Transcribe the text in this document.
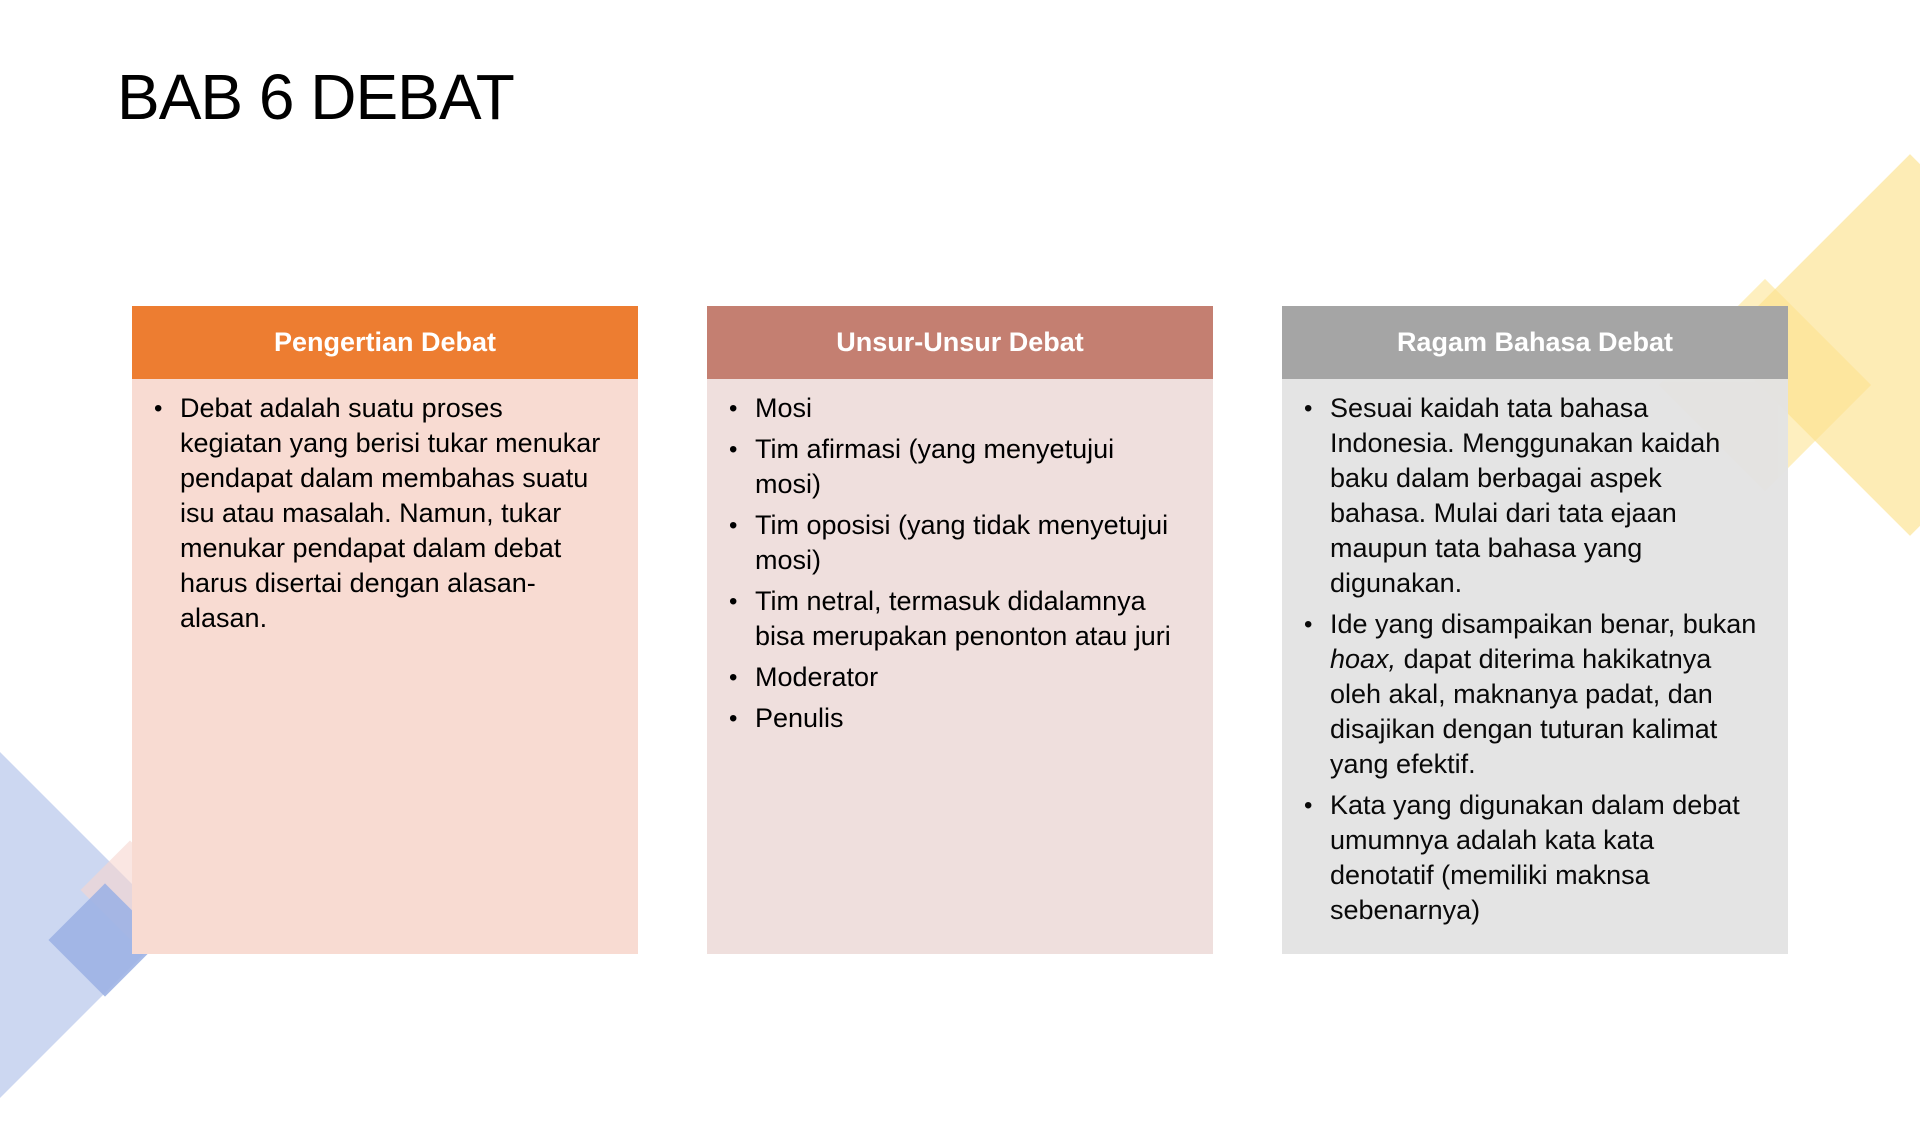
BAB 6 DEBAT
Pengertian Debat
• Debat adalah suatu proses kegiatan yang berisi tukar menukar pendapat dalam membahas suatu isu atau masalah. Namun, tukar menukar pendapat dalam debat harus disertai dengan alasan-alasan.
Unsur-Unsur Debat
• Mosi
• Tim afirmasi (yang menyetujui mosi)
• Tim oposisi (yang tidak menyetujui mosi)
• Tim netral, termasuk didalamnya bisa merupakan penonton atau juri
• Moderator
• Penulis
Ragam Bahasa Debat
• Sesuai kaidah tata bahasa Indonesia. Menggunakan kaidah baku dalam berbagai aspek bahasa. Mulai dari tata ejaan maupun tata bahasa yang digunakan.
• Ide yang disampaikan benar, bukan hoax, dapat diterima hakikatnya oleh akal, maknanya padat, dan disajikan dengan tuturan kalimat yang efektif.
• Kata yang digunakan dalam debat umumnya adalah kata kata denotatif (memiliki maknsa sebenarnya)
